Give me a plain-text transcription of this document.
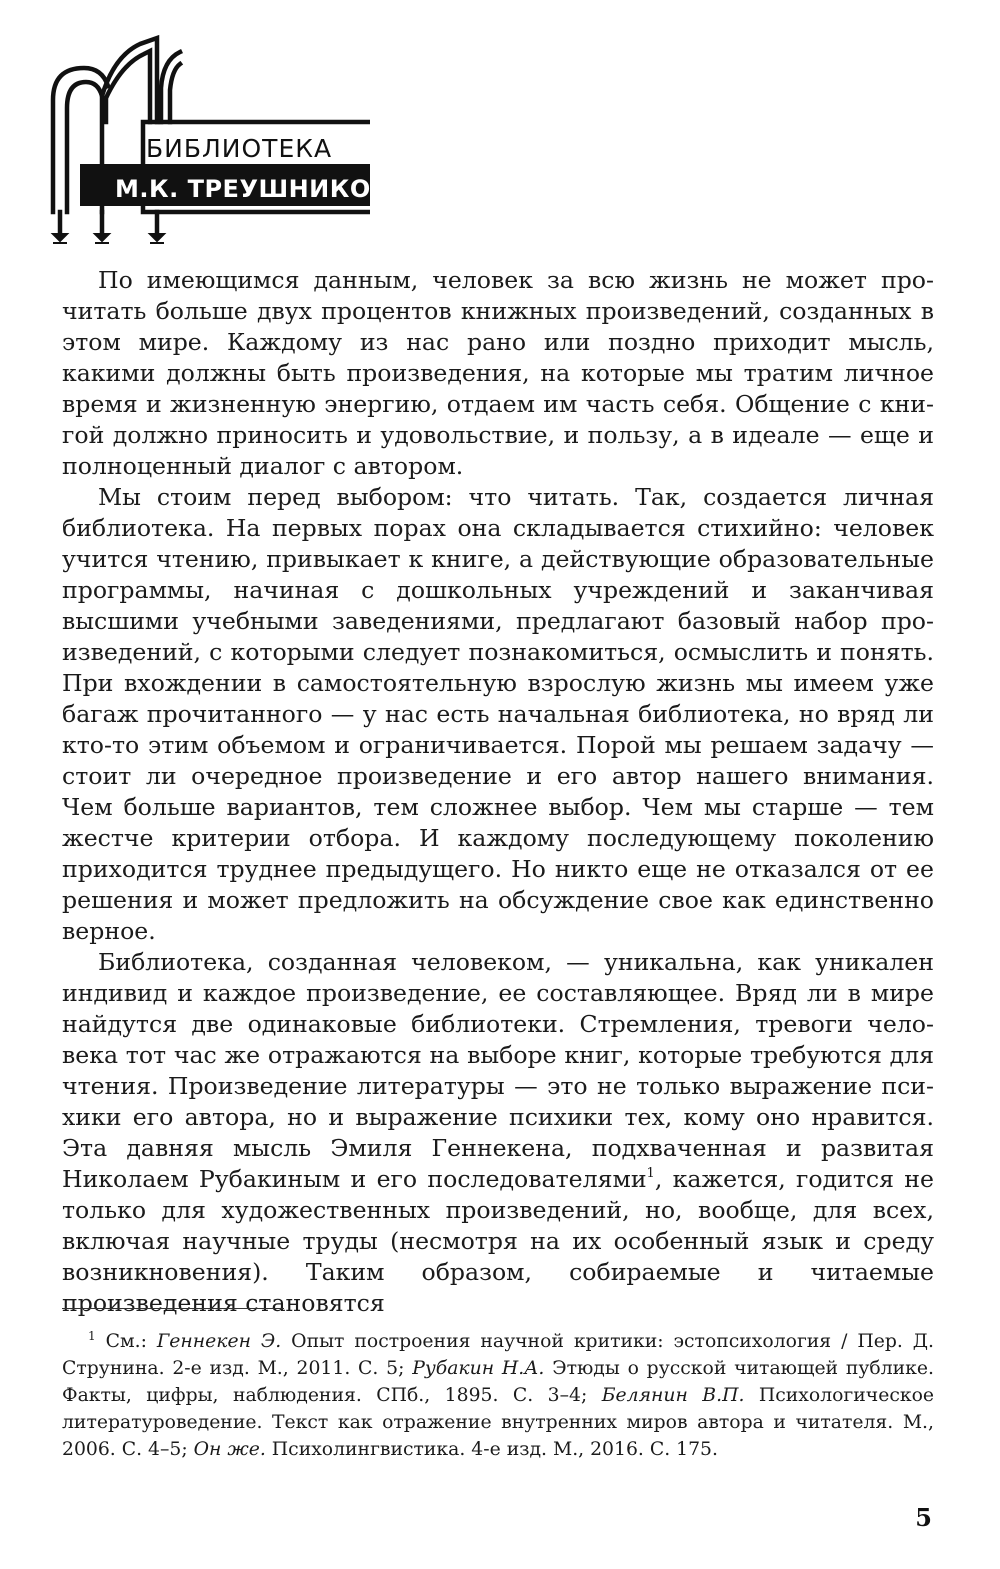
БИБЛИОТЕКА
М.К. ТРЕУШНИКОВА

По имеющимся данным, человек за всю жизнь не может прочитать больше двух процентов книжных произведений, созданных в этом мире. Каждому из нас рано или поздно приходит мысль, какими должны быть произведения, на которые мы тратим личное время и жизненную энергию, отдаем им часть себя. Общение с книгой должно приносить и удовольствие, и пользу, а в идеале — еще и полноценный диалог с автором.

Мы стоим перед выбором: что читать. Так, создается личная библиотека. На первых порах она складывается стихийно: человек учится чтению, привыкает к книге, а действующие образовательные программы, начиная с дошкольных учреждений и заканчивая высшими учебными заведениями, предлагают базовый набор произведений, с которыми следует познакомиться, осмыслить и понять. При вхождении в самостоятельную взрослую жизнь мы имеем уже багаж прочитанного — у нас есть начальная библиотека, но вряд ли кто-то этим объемом и ограничивается. Порой мы решаем задачу — стоит ли очередное произведение и его автор нашего внимания. Чем больше вариантов, тем сложнее выбор. Чем мы старше — тем жестче критерии отбора. И каждому последующему поколению приходится труднее предыдущего. Но никто еще не отказался от ее решения и может предложить на обсуждение свое как единственно верное.

Библиотека, созданная человеком, — уникальна, как уникален индивид и каждое произведение, ее составляющее. Вряд ли в мире найдутся две одинаковые библиотеки. Стремления, тревоги человека тот час же отражаются на выборе книг, которые требуются для чтения. Произведение литературы — это не только выражение психики его автора, но и выражение психики тех, кому оно нравится. Эта давняя мысль Эмиля Геннекена, подхваченная и развитая Николаем Рубакиным и его последователями$^1$, кажется, годится не только для художественных произведений, но, вообще, для всех, включая научные труды (несмотря на их особенный язык и среду возникновения). Таким образом, собираемые и читаемые произведения становятся

$^1$ См.: Геннекен Э. Опыт построения научной критики: эстопсихология / Пер. Д. Струнина. 2-е изд. М., 2011. С. 5; Рубакин Н.А. Этюды о русской читающей публике. Факты, цифры, наблюдения. СПб., 1895. С. 3–4; Белянин В.П. Психологическое литературоведение. Текст как отражение внутренних миров автора и читателя. М., 2006. С. 4–5; Он же. Психолингвистика. 4-е изд. М., 2016. С. 175.

5
